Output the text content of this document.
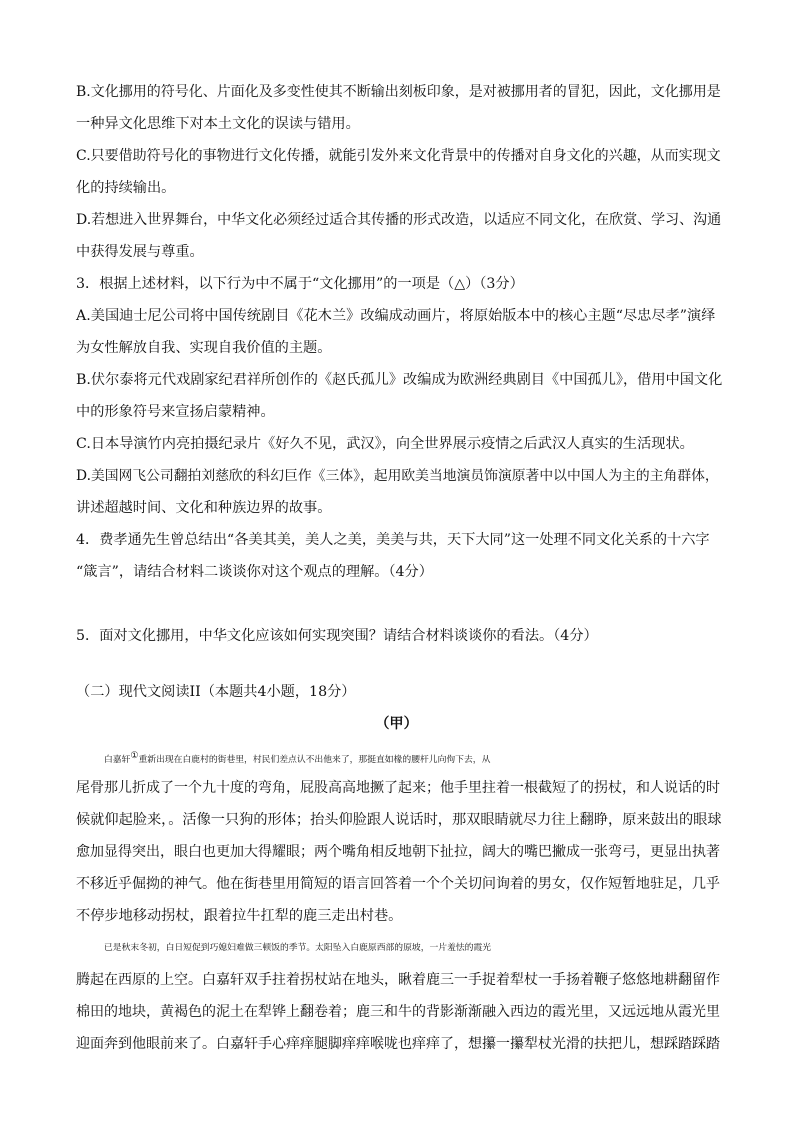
B.文化挪用的符号化、片面化及多变性使其不断输出刻板印象，是对被挪用者的冒犯，因此，文化挪用是
一种异文化思维下对本土文化的误读与错用。
C.只要借助符号化的事物进行文化传播，就能引发外来文化背景中的传播对自身文化的兴趣，从而实现文
化的持续输出。
D.若想进入世界舞台，中华文化必须经过适合其传播的形式改造，以适应不同文化，在欣赏、学习、沟通
中获得发展与尊重。
3．根据上述材料，以下行为中不属于“文化挪用”的一项是（△）（3分）
A.美国迪士尼公司将中国传统剧目《花木兰》改编成动画片，将原始版本中的核心主题“尽忠尽孝”演绎
为女性解放自我、实现自我价值的主题。
B.伏尔泰将元代戏剧家纪君祥所创作的《赵氏孤儿》改编成为欧洲经典剧目《中国孤儿》，借用中国文化
中的形象符号来宣扬启蒙精神。
C.日本导演竹内亮拍摄纪录片《好久不见，武汉》，向全世界展示疫情之后武汉人真实的生活现状。
D.美国网飞公司翻拍刘慈欣的科幻巨作《三体》，起用欧美当地演员饰演原著中以中国人为主的主角群体，
讲述超越时间、文化和种族边界的故事。
4．费孝通先生曾总结出“各美其美，美人之美，美美与共，天下大同”这一处理不同文化关系的十六字
“箴言”，请结合材料二谈谈你对这个观点的理解。（4分）
5．面对文化挪用，中华文化应该如何实现突围？请结合材料谈谈你的看法。（4分）
（二）现代文阅读II（本题共4小题，18分）
（甲）
白嘉轩①重新出现在白鹿村的街巷里，村民们差点认不出他来了，那挺直如椽的腰杆儿向佝下去，从
尾骨那儿折成了一个九十度的弯角，屁股高高地撅了起来；他手里拄着一根截短了的拐杖，和人说话的时
候就仰起脸来，。活像一只狗的形体；抬头仰脸跟人说话时，那双眼睛就尽力往上翻睁，原来鼓出的眼球
愈加显得突出，眼白也更加大得耀眼；两个嘴角相反地朝下扯拉，阔大的嘴巴撇成一张弯弓，更显出执著
不移近乎倔拗的神气。他在街巷里用简短的语言回答着一个个关切问询着的男女，仅作短暂地驻足，几乎
不停步地移动拐杖，跟着拉牛扛犁的鹿三走出村巷。
已是秋末冬初，白日短促到巧媳妇难做三顿饭的季节。太阳坠入白鹿原西部的原坡，一片羞怯的霞光
腾起在西原的上空。白嘉轩双手拄着拐杖站在地头，瞅着鹿三一手捉着犁杖一手扬着鞭子悠悠地耕翻留作
棉田的地块，黄褐色的泥土在犁铧上翻卷着；鹿三和牛的背影渐渐融入西边的霞光里，又远远地从霞光里
迎面奔到他眼前来了。白嘉轩手心痒痒腿脚痒痒喉咙也痒痒了，想攥一攥犁杖光滑的扶把儿，想踩踏踩踏
